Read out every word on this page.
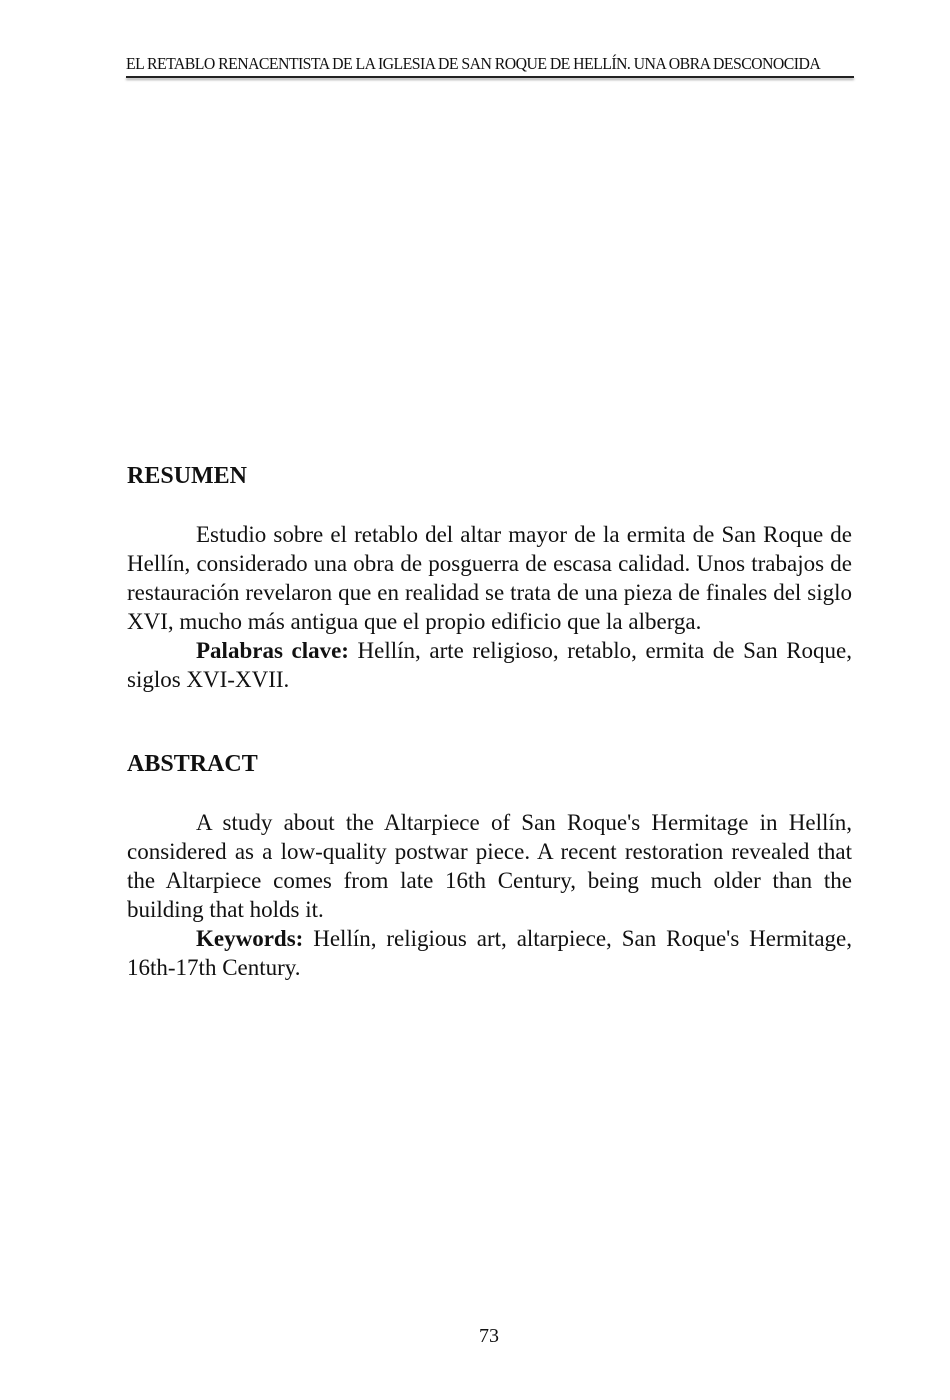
EL RETABLO RENACENTISTA DE LA IGLESIA DE SAN ROQUE DE HELLÍN. UNA OBRA DESCONOCIDA
RESUMEN

Estudio sobre el retablo del altar mayor de la ermita de San Roque de Hellín, considerado una obra de posguerra de escasa calidad. Unos trabajos de restauración revelaron que en realidad se trata de una pieza de finales del siglo XVI, mucho más antigua que el propio edificio que la alberga.

Palabras clave: Hellín, arte religioso, retablo, ermita de San Roque, siglos XVI-XVII.

ABSTRACT

A study about the Altarpiece of San Roque's Hermitage in Hellín, considered as a low-quality postwar piece. A recent restoration revealed that the Altarpiece comes from late 16th Century, being much older than the building that holds it.

Keywords: Hellín, religious art, altarpiece, San Roque's Hermitage, 16th-17th Century.

73
